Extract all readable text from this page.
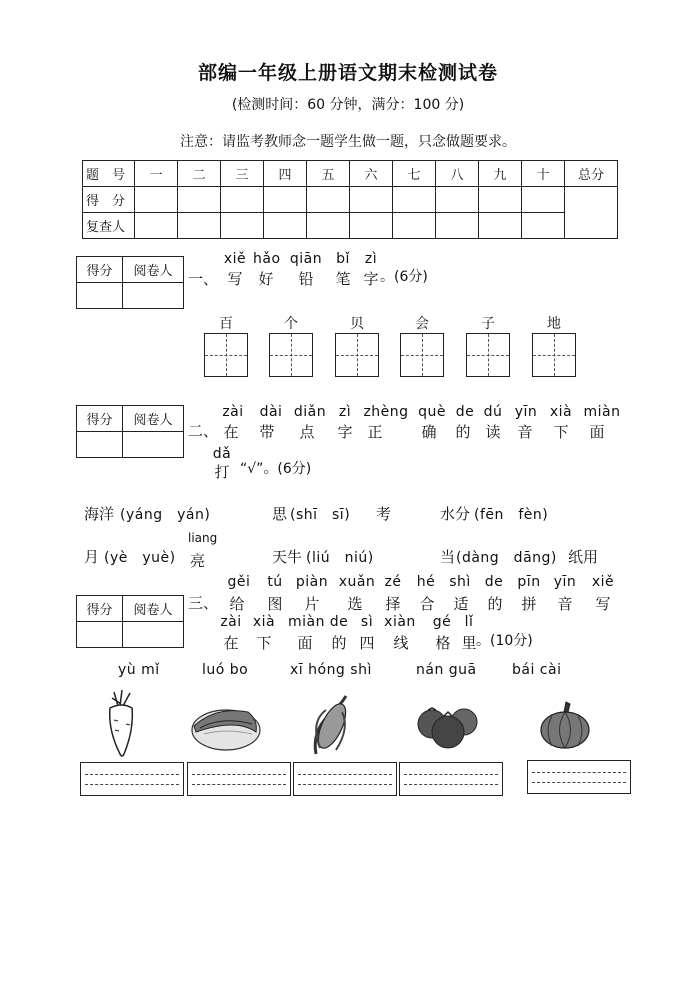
部编一年级上册语文期末检测试卷
(检测时间：60 分钟，满分：100 分)
注意：请监考教师念一题学生做一题，只念做题要求。
题　号	一	二	三	四	五	六	七	八	九	十	总分
得　分											
复查人											
得分	阅卷人

得分	阅卷人

得分	阅卷人

一、
xiě hǎo qiān	bǐ	zì
写	好	铅	笔 字 。(6分)
百	个	贝	会	子	地
二、
zài	dài diǎn zì zhèng què de dú yīn xià miàn
在	带	点	字 正	确	的 读	音	下	面
dǎ
打 “√”。(6分)
海洋 (yáng　yán)	思 (shī　sī) 考	水分 (fēn　fèn)
月 (yè　yuè)
liang
亮	天牛 (liú　niú)	当 (dàng　dāng) 纸用
三、
gěi	tú piàn xuǎn zé	hé shì de	pīn yīn	xiě
给	图	片	选	择	合	适	的	拼	音	写
zài xià miàn de sì xiàn gé lǐ
在	下	面	的 四	线	格 里 。(10分)
yù mǐ	luó bo	xī hóng shì	nán guā	bái cài
